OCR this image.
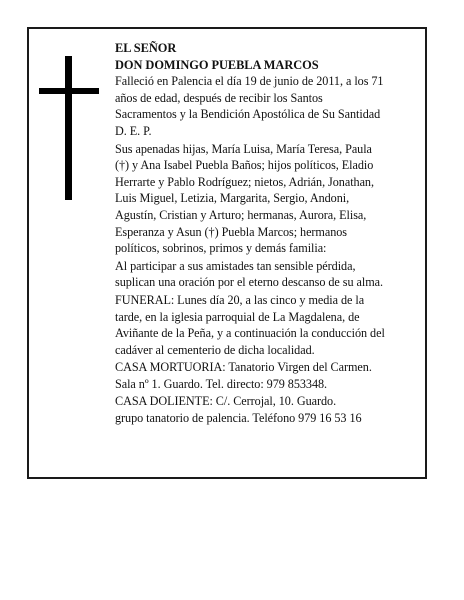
EL SEÑOR
DON DOMINGO PUEBLA MARCOS
Falleció en Palencia el día 19 de junio de 2011, a los 71
años de edad, después de recibir los Santos
Sacramentos y la Bendición Apostólica de Su Santidad
D. E. P.
Sus apenadas hijas, María Luisa, María Teresa, Paula
(†) y Ana Isabel Puebla Baños; hijos políticos, Eladio
Herrarte y Pablo Rodríguez; nietos, Adrián, Jonathan,
Luis Miguel, Letizia, Margarita, Sergio, Andoni,
Agustín, Cristian y Arturo; hermanas, Aurora, Elisa,
Esperanza y Asun (†) Puebla Marcos; hermanos
políticos, sobrinos, primos y demás familia:
Al participar a sus amistades tan sensible pérdida,
suplican una oración por el eterno descanso de su alma.
FUNERAL: Lunes día 20, a las cinco y media de la
tarde, en la iglesia parroquial de La Magdalena, de
Aviñante de la Peña, y a continuación la conducción del
cadáver al cementerio de dicha localidad.
CASA MORTUORIA: Tanatorio Virgen del Carmen.
Sala nº 1. Guardo. Tel. directo: 979 853348.
CASA DOLIENTE: C/. Cerrojal, 10. Guardo.
grupo tanatorio de palencia. Teléfono 979 16 53 16
